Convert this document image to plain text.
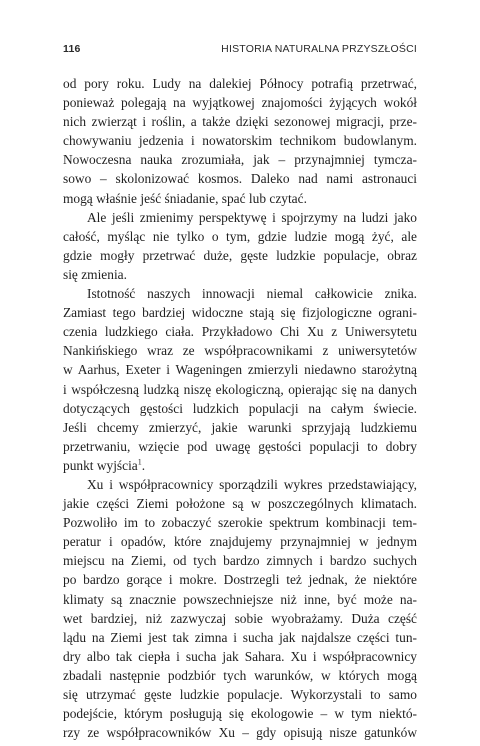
116	HISTORIA NATURALNA PRZYSZŁOŚCI

od pory roku. Ludy na dalekiej Północy potrafią przetrwać,
ponieważ polegają na wyjątkowej znajomości żyjących wokół
nich zwierząt i roślin, a także dzięki sezonowej migracji, prze-
chowywaniu jedzenia i nowatorskim technikom budowlanym.
Nowoczesna nauka zrozumiała, jak – przynajmniej tymcza-
sowo – skolonizować kosmos. Daleko nad nami astronauci
mogą właśnie jeść śniadanie, spać lub czytać.

Ale jeśli zmienimy perspektywę i spojrzymy na ludzi jako
całość, myśląc nie tylko o tym, gdzie ludzie mogą żyć, ale
gdzie mogły przetrwać duże, gęste ludzkie populacje, obraz
się zmienia.

Istotność naszych innowacji niemal całkowicie znika.
Zamiast tego bardziej widoczne stają się fizjologiczne ograni-
czenia ludzkiego ciała. Przykładowo Chi Xu z Uniwersytetu
Nankińskiego wraz ze współpracownikami z uniwersytetów
w Aarhus, Exeter i Wageningen zmierzyli niedawno starożytną
i współczesną ludzką niszę ekologiczną, opierając się na danych
dotyczących gęstości ludzkich populacji na całym świecie.
Jeśli chcemy zmierzyć, jakie warunki sprzyjają ludzkiemu
przetrwaniu, wzięcie pod uwagę gęstości populacji to dobry
punkt wyjścia$^1$.

Xu i współpracownicy sporządzili wykres przedstawiający,
jakie części Ziemi położone są w poszczególnych klimatach.
Pozwoliło im to zobaczyć szerokie spektrum kombinacji tem-
peratur i opadów, które znajdujemy przynajmniej w jednym
miejscu na Ziemi, od tych bardzo zimnych i bardzo suchych
po bardzo gorące i mokre. Dostrzegli też jednak, że niektóre
klimaty są znacznie powszechniejsze niż inne, być może na-
wet bardziej, niż zazwyczaj sobie wyobrażamy. Duża część
lądu na Ziemi jest tak zimna i sucha jak najdalsze części tun-
dry albo tak ciepła i sucha jak Sahara. Xu i współpracownicy
zbadali następnie podzbiór tych warunków, w których mogą
się utrzymać gęste ludzkie populacje. Wykorzystali to samo
podejście, którym posługują się ekologowie – w tym niektó-
rzy ze współpracowników Xu – gdy opisują nisze gatunków
